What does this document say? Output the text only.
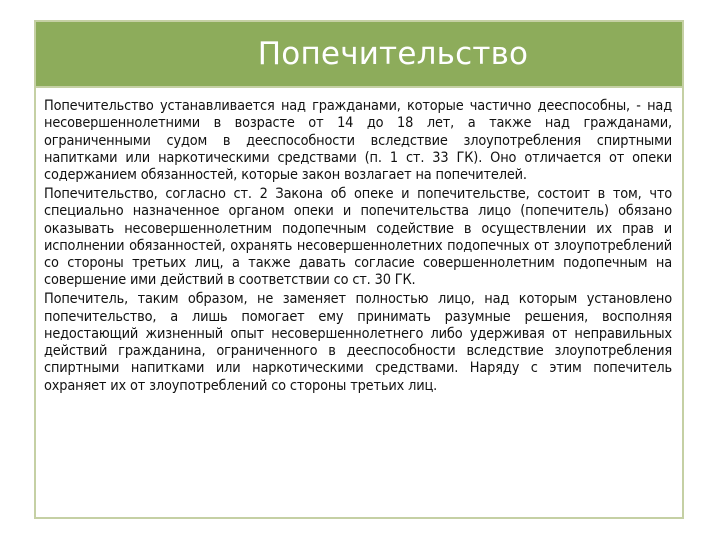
Попечительство

Попечительство устанавливается над гражданами, которые частично дееспособны, - над несовершеннолетними в возрасте от 14 до 18 лет, а также над гражданами, ограниченными судом в дееспособности вследствие злоупотребления спиртными напитками или наркотическими средствами (п. 1 ст. 33 ГК). Оно отличается от опеки содержанием обязанностей, которые закон возлагает на попечителей.

Попечительство, согласно ст. 2 Закона об опеке и попечительстве, состоит в том, что специально назначенное органом опеки и попечительства лицо (попечитель) обязано оказывать несовершеннолетним подопечным содействие в осуществлении их прав и исполнении обязанностей, охранять несовершеннолетних подопечных от злоупотреблений со стороны третьих лиц, а также давать согласие совершеннолетним подопечным на совершение ими действий в соответствии со ст. 30 ГК.

Попечитель, таким образом, не заменяет полностью лицо, над которым установлено попечительство, а лишь помогает ему принимать разумные решения, восполняя недостающий жизненный опыт несовершеннолетнего либо удерживая от неправильных действий гражданина, ограниченного в дееспособности вследствие злоупотребления спиртными напитками или наркотическими средствами. Наряду с этим попечитель охраняет их от злоупотреблений со стороны третьих лиц.
